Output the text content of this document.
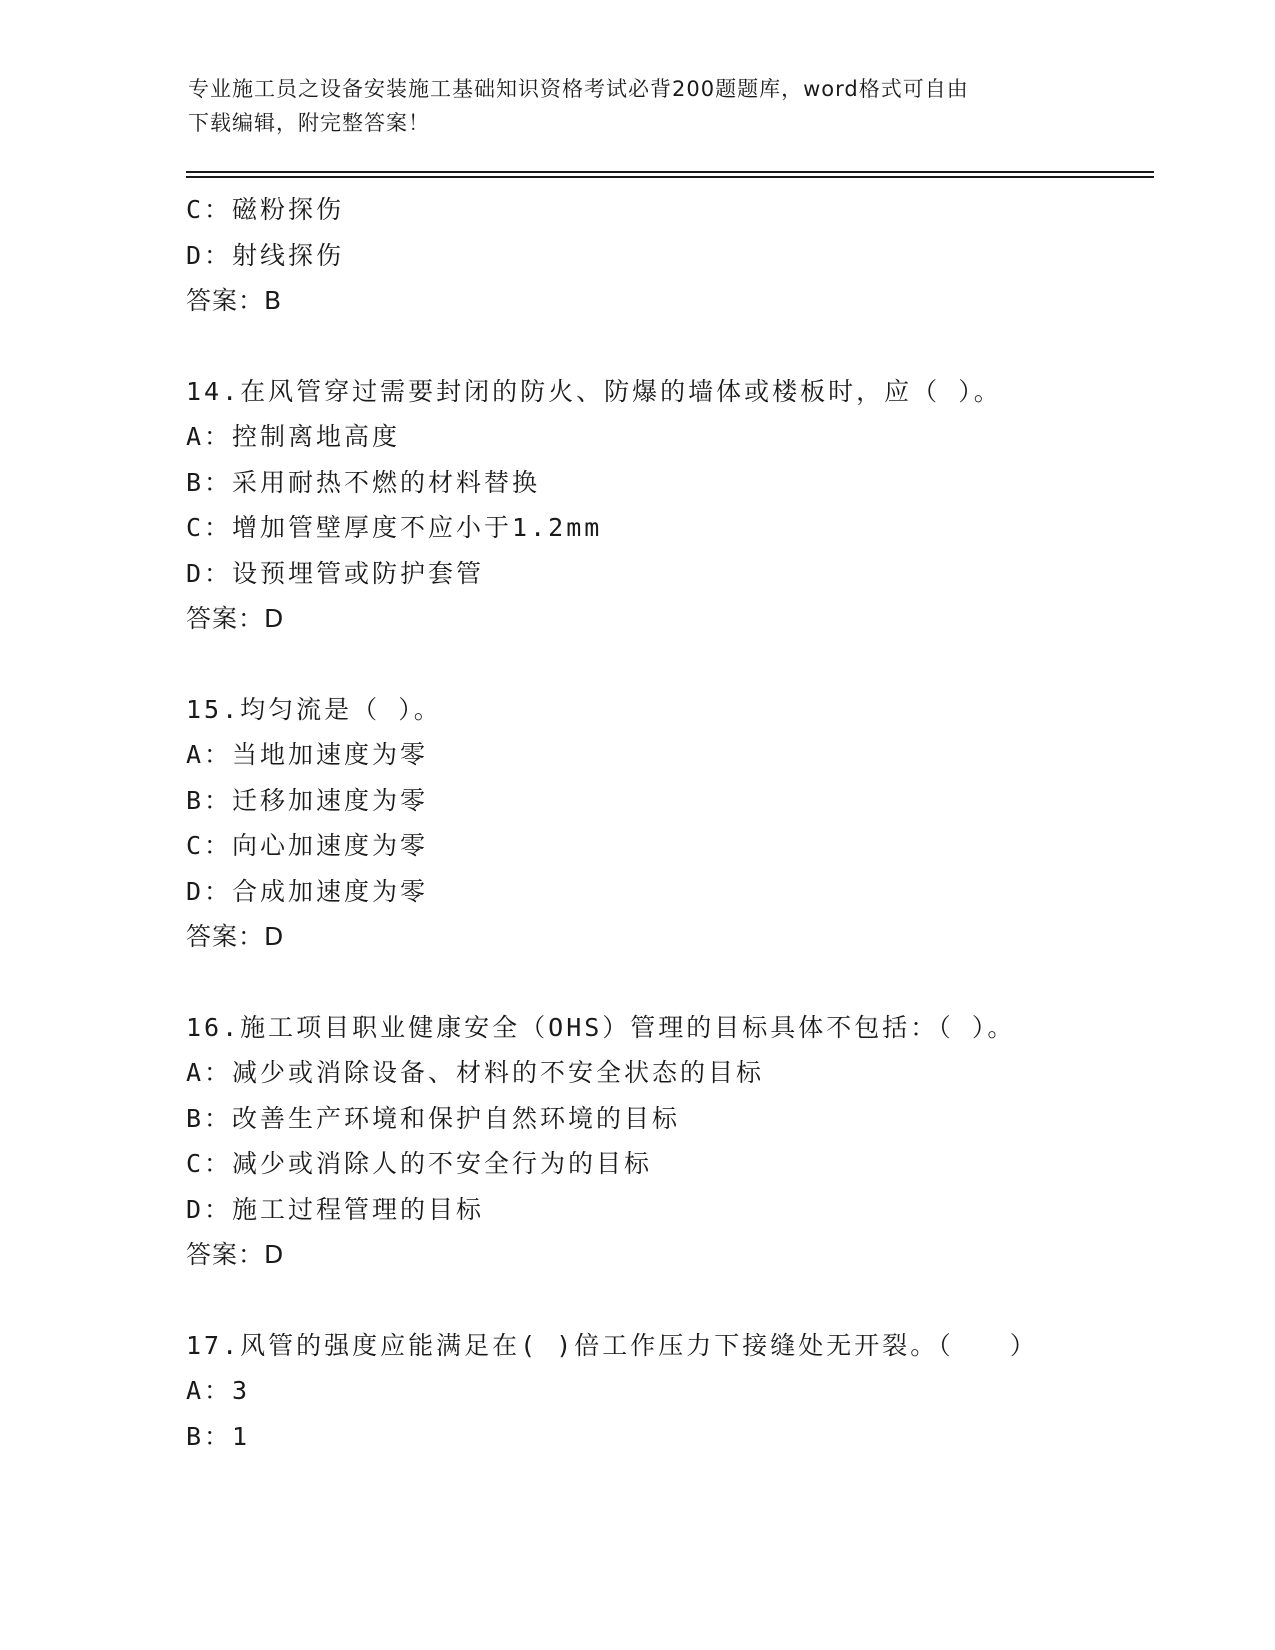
专业施工员之设备安装施工基础知识资格考试必背200题题库，word格式可自由
下载编辑，附完整答案！
C：磁粉探伤
D：射线探伤
答案：B
14.在风管穿过需要封闭的防火、防爆的墙体或楼板时，应（ ）。
A：控制离地高度
B：采用耐热不燃的材料替换
C：增加管壁厚度不应小于1.2mm
D：设预埋管或防护套管
答案：D
15.均匀流是（ ）。
A：当地加速度为零
B：迁移加速度为零
C：向心加速度为零
D：合成加速度为零
答案：D
16.施工项目职业健康安全（OHS）管理的目标具体不包括：（ ）。
A：减少或消除设备、材料的不安全状态的目标
B：改善生产环境和保护自然环境的目标
C：减少或消除人的不安全行为的目标
D：施工过程管理的目标
答案：D
17.风管的强度应能满足在( )倍工作压力下接缝处无开裂。（　　）
A：3
B：1
